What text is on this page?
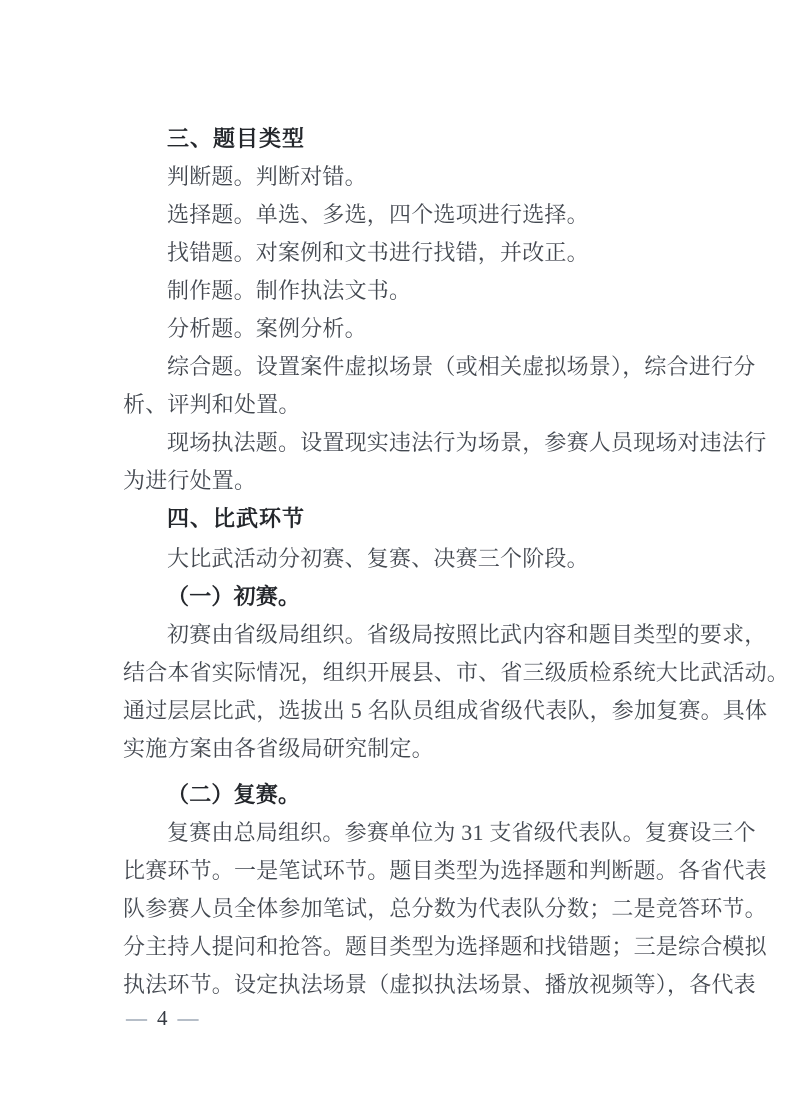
三、题目类型
判断题。判断对错。
选择题。单选、多选，四个选项进行选择。
找错题。对案例和文书进行找错，并改正。
制作题。制作执法文书。
分析题。案例分析。
综合题。设置案件虚拟场景（或相关虚拟场景），综合进行分
析、评判和处置。
现场执法题。设置现实违法行为场景，参赛人员现场对违法行
为进行处置。
四、比武环节
大比武活动分初赛、复赛、决赛三个阶段。
（一）初赛。
初赛由省级局组织。省级局按照比武内容和题目类型的要求，
结合本省实际情况，组织开展县、市、省三级质检系统大比武活动。
通过层层比武，选拔出 5 名队员组成省级代表队，参加复赛。具体
实施方案由各省级局研究制定。
（二）复赛。
复赛由总局组织。参赛单位为 31 支省级代表队。复赛设三个
比赛环节。一是笔试环节。题目类型为选择题和判断题。各省代表
队参赛人员全体参加笔试，总分数为代表队分数；二是竞答环节。
分主持人提问和抢答。题目类型为选择题和找错题；三是综合模拟
执法环节。设定执法场景（虚拟执法场景、播放视频等），各代表
— 4 —
